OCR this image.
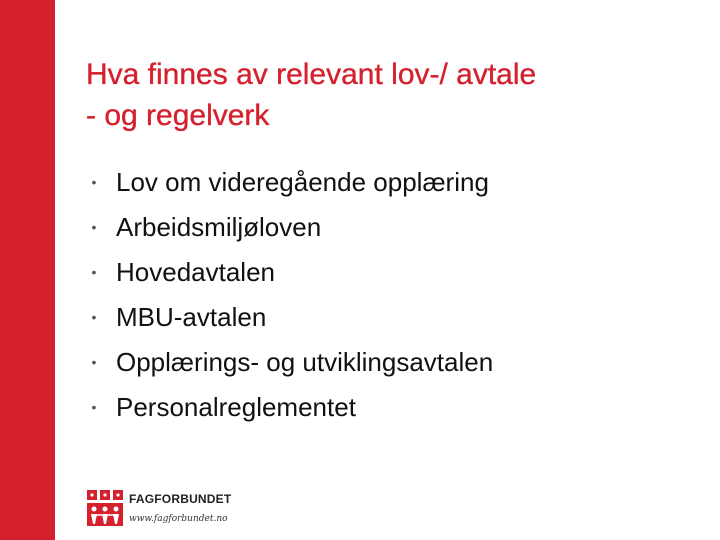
Hva finnes av relevant lov-/ avtale
- og regelverk
• Lov om videregående opplæring
• Arbeidsmiljøloven
• Hovedavtalen
• MBU-avtalen
• Opplærings- og utviklingsavtalen
• Personalreglementet
FAGFORBUNDET
www.fagforbundet.no
